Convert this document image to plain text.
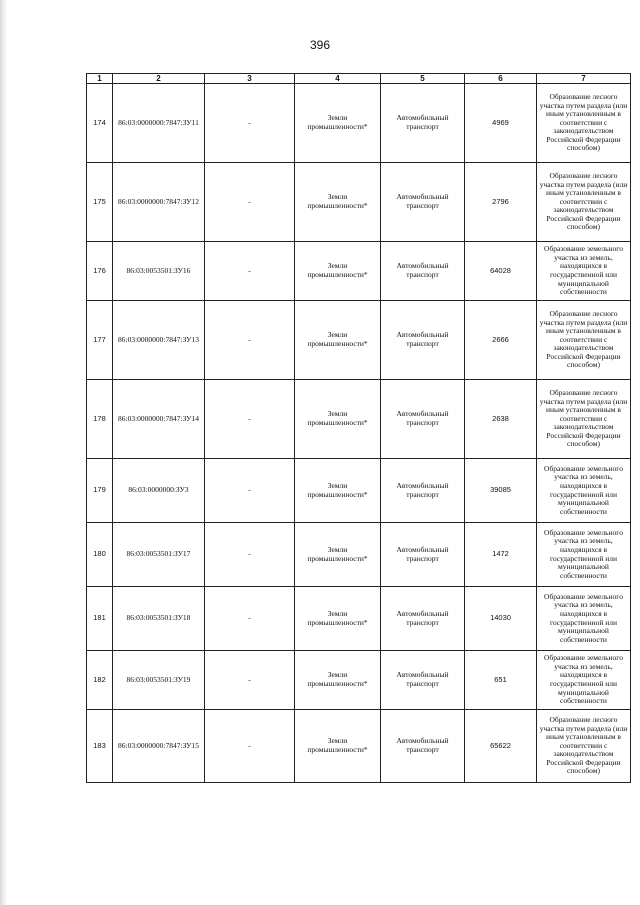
396
1	2	3	4	5	6	7
174	86:03:0000000:7847:ЗУ11	-	Земли промышленности*	Автомобильный транспорт	4969	Образование лесного участка путем раздела (или иным установленным в соответствии с законодательством Российской Федерации способом)
175	86:03:0000000:7847:ЗУ12	-	Земли промышленности*	Автомобильный транспорт	2796	Образование лесного участка путем раздела (или иным установленным в соответствии с законодательством Российской Федерации способом)
176	86:03:0053501:ЗУ16	-	Земли промышленности*	Автомобильный транспорт	64028	Образование земельного участка из земель, находящихся в государственной или муниципальной собственности
177	86:03:0000000:7847:ЗУ13	-	Земли промышленности*	Автомобильный транспорт	2666	Образование лесного участка путем раздела (или иным установленным в соответствии с законодательством Российской Федерации способом)
178	86:03:0000000:7847:ЗУ14	-	Земли промышленности*	Автомобильный транспорт	2638	Образование лесного участка путем раздела (или иным установленным в соответствии с законодательством Российской Федерации способом)
179	86:03:0000000:ЗУ3	-	Земли промышленности*	Автомобильный транспорт	39085	Образование земельного участка из земель, находящихся в государственной или муниципальной собственности
180	86:03:0053501:ЗУ17	-	Земли промышленности*	Автомобильный транспорт	1472	Образование земельного участка из земель, находящихся в государственной или муниципальной собственности
181	86:03:0053501:ЗУ18	-	Земли промышленности*	Автомобильный транспорт	14030	Образование земельного участка из земель, находящихся в государственной или муниципальной собственности
182	86:03:0053501:ЗУ19	-	Земли промышленности*	Автомобильный транспорт	651	Образование земельного участка из земель, находящихся в государственной или муниципальной собственности
183	86:03:0000000:7847:ЗУ15	-	Земли промышленности*	Автомобильный транспорт	65622	Образование лесного участка путем раздела (или иным установленным в соответствии с законодательством Российской Федерации способом)
